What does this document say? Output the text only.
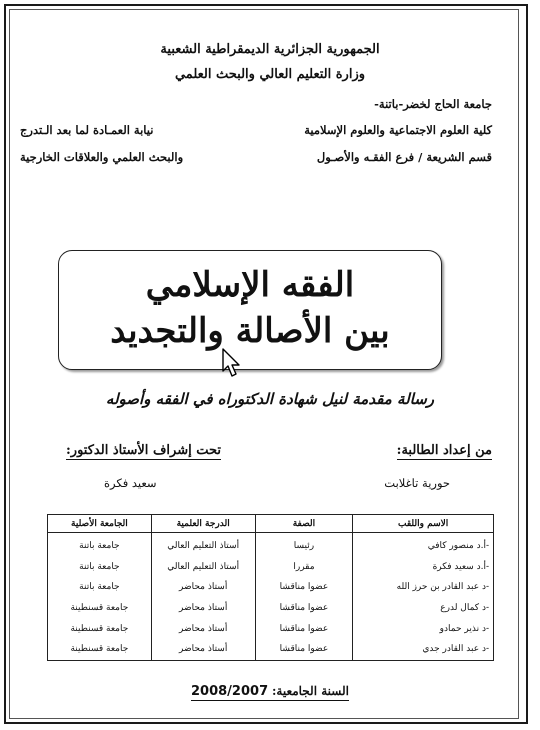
الجمهورية الجزائرية الديمقراطية الشعبية
وزارة التعليم العالي والبحث العلمي
جامعة الحاج لخضر-باتنة-
كلية العلوم الاجتماعية والعلوم الإسلامية
قسم الشريعة / فرع الفقـه والأصـول
نيابة العمـادة لما بعد الـتدرج
والبحث العلمي والعلاقات الخارجية
الفقه الإسلامي
بين الأصالة والتجديد
رسالة مقدمة لنيل شهادة الدكتوراه في الفقه وأصوله
من إعداد الطالبة:
تحت إشراف الأستاذ الدكتور:
حورية تاغلابت
سعيد فكرة
الاسم واللقب	الصفة	الدرجة العلمية	الجامعة الأصلية
-أ.د منصور كافي	رئيسا	أستاذ التعليم العالي	جامعة باتنة
-أ.د سعيد فكرة	مقررا	أستاذ التعليم العالي	جامعة باتنة
-د عبد القادر بن حرز الله	عضوا مناقشا	أستاذ محاضر	جامعة باتنة
-د كمال لدرع	عضوا مناقشا	أستاذ محاضر	جامعة قسنطينة
-د نذير حمادو	عضوا مناقشا	أستاذ محاضر	جامعة قسنطينة
-د عبد القادر جدي	عضوا مناقشا	أستاذ محاضر	جامعة قسنطينة
السنة الجامعية: 2008/2007
